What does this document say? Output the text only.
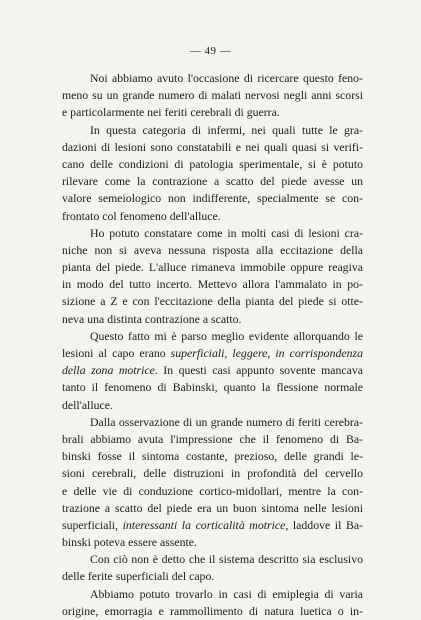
— 49 —
Noi abbiamo avuto l'occasione di ricercare questo feno-
meno su un grande numero di malati nervosi negli anni scorsi
e particolarmente nei feriti cerebrali di guerra.
In questa categoria di infermi, nei quali tutte le gra-
dazioni di lesioni sono constatabili e nei quali quasi si verifi-
cano delle condizioni di patologia sperimentale, si è potuto
rilevare come la contrazione a scatto del piede avesse un
valore semeiologico non indifferente, specialmente se con-
frontato col fenomeno dell'alluce.
Ho potuto constatare come in molti casi di lesioni cra-
niche non si aveva nessuna risposta alla eccitazione della
pianta del piede. L'alluce rimaneva immobile oppure reagiva
in modo del tutto incerto. Mettevo allora l'ammalato in po-
sizione a Z e con l'eccitazione della pianta del piede si otte-
neva una distinta contrazione a scatto.
Questo fatto mi è parso meglio evidente allorquando le
lesioni al capo erano superficiali, leggere, in corrispondenza
della zona motrice. In questi casi appunto sovente mancava
tanto il fenomeno di Babinski, quanto la flessione normale
dell'alluce.
Dalla osservazione di un grande numero di feriti cerebra-
brali abbiamo avuta l'impressione che il fenomeno di Ba-
binski fosse il sintoma costante, prezioso, delle grandi le-
sioni cerebrali, delle distruzioni in profondità del cervello
e delle vie di conduzione cortico-midollari, mentre la con-
trazione a scatto del piede era un buon sintoma nelle lesioni
superficiali, interessanti la corticalità motrice, laddove il Ba-
binski poteva essere assente.
Con ciò non è detto che il sistema descritto sia esclusivo
delle ferite superficiali del capo.
Abbiamo potuto trovarlo in casi di emiplegia di varia
origine, emorragia e rammollimento di natura luetica o in-
